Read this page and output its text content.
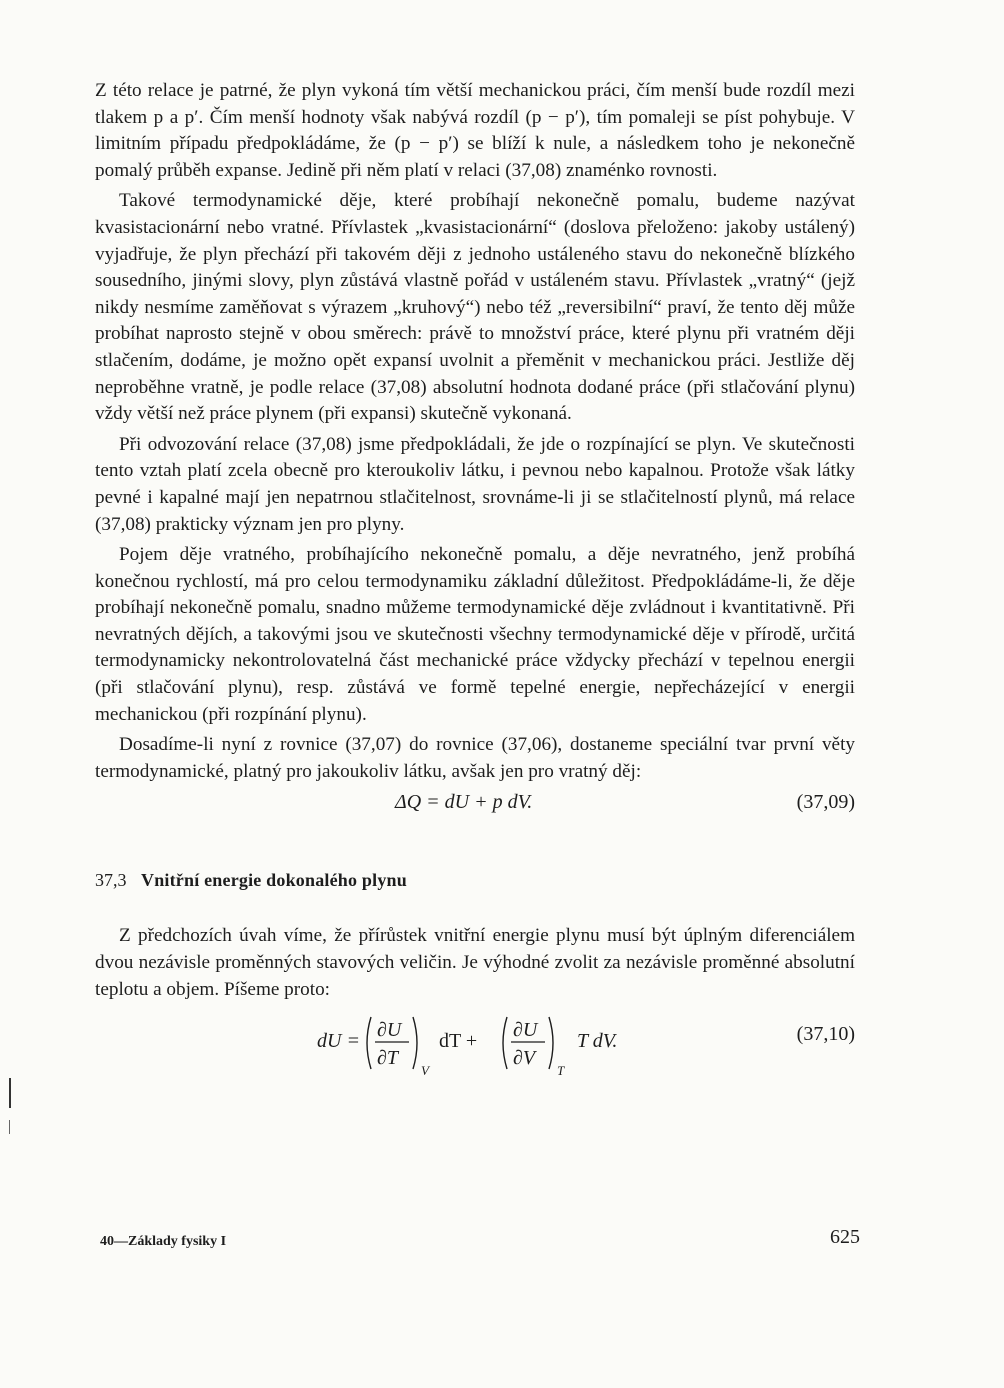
Z této relace je patrné, že plyn vykoná tím větší mechanickou práci, čím menší bude rozdíl mezi tlakem p a p′. Čím menší hodnoty však nabývá rozdíl (p − p′), tím pomaleji se píst pohybuje. V limitním případu předpokládáme, že (p − p′) se blíží k nule, a následkem toho je nekonečně pomalý průběh expanse. Jedině při něm platí v relaci (37,08) znaménko rovnosti.

Takové termodynamické děje, které probíhají nekonečně pomalu, budeme nazývat kvasistacionární nebo vratné. Přívlastek „kvasistacionární“ (doslova přeloženo: jakoby ustálený) vyjadřuje, že plyn přechází při takovém ději z jednoho ustáleného stavu do nekonečně blízkého sousedního, jinými slovy, plyn zůstává vlastně pořád v ustáleném stavu. Přívlastek „vratný“ (jejž nikdy nesmíme zaměňovat s výrazem „kruhový“) nebo též „reversibilní“ praví, že tento děj může probíhat naprosto stejně v obou směrech: právě to množství práce, které plynu při vratném ději stlačením, dodáme, je možno opět expansí uvolnit a přeměnit v mechanickou práci. Jestliže děj neproběhne vratně, je podle relace (37,08) absolutní hodnota dodané práce (při stlačování plynu) vždy větší než práce plynem (při expansi) skutečně vykonaná.

Při odvozování relace (37,08) jsme předpokládali, že jde o rozpínající se plyn. Ve skutečnosti tento vztah platí zcela obecně pro kteroukoliv látku, i pevnou nebo kapalnou. Protože však látky pevné i kapalné mají jen nepatrnou stlačitelnost, srovnáme-li ji se stlačitelností plynů, má relace (37,08) prakticky význam jen pro plyny.

Pojem děje vratného, probíhajícího nekonečně pomalu, a děje nevratného, jenž probíhá konečnou rychlostí, má pro celou termodynamiku základní důležitost. Předpokládáme-li, že děje probíhají nekonečně pomalu, snadno můžeme termodynamické děje zvládnout i kvantitativně. Při nevratných dějích, a takovými jsou ve skutečnosti všechny termodynamické děje v přírodě, určitá termodynamicky nekontrolovatelná část mechanické práce vždycky přechází v tepelnou energii (při stlačování plynu), resp. zůstává ve formě tepelné energie, nepřecházející v energii mechanickou (při rozpínání plynu).

Dosadíme-li nyní z rovnice (37,07) do rovnice (37,06), dostaneme speciální tvar první věty termodynamické, platný pro jakoukoliv látku, avšak jen pro vratný děj:

ΔQ = dU + p dV.	(37,09)
37,3 Vnitřní energie dokonalého plynu

Z předchozích úvah víme, že přírůstek vnitřní energie plynu musí být úplným diferenciálem dvou nezávisle proměnných stavových veličin. Je výhodné zvolit za nezávisle proměnné absolutní teplotu a objem. Píšeme proto:

dU = ∂U
∂T
V
dT + ∂U
∂V
T
T dV.	(37,10)
40—Základy fysiky I	625
